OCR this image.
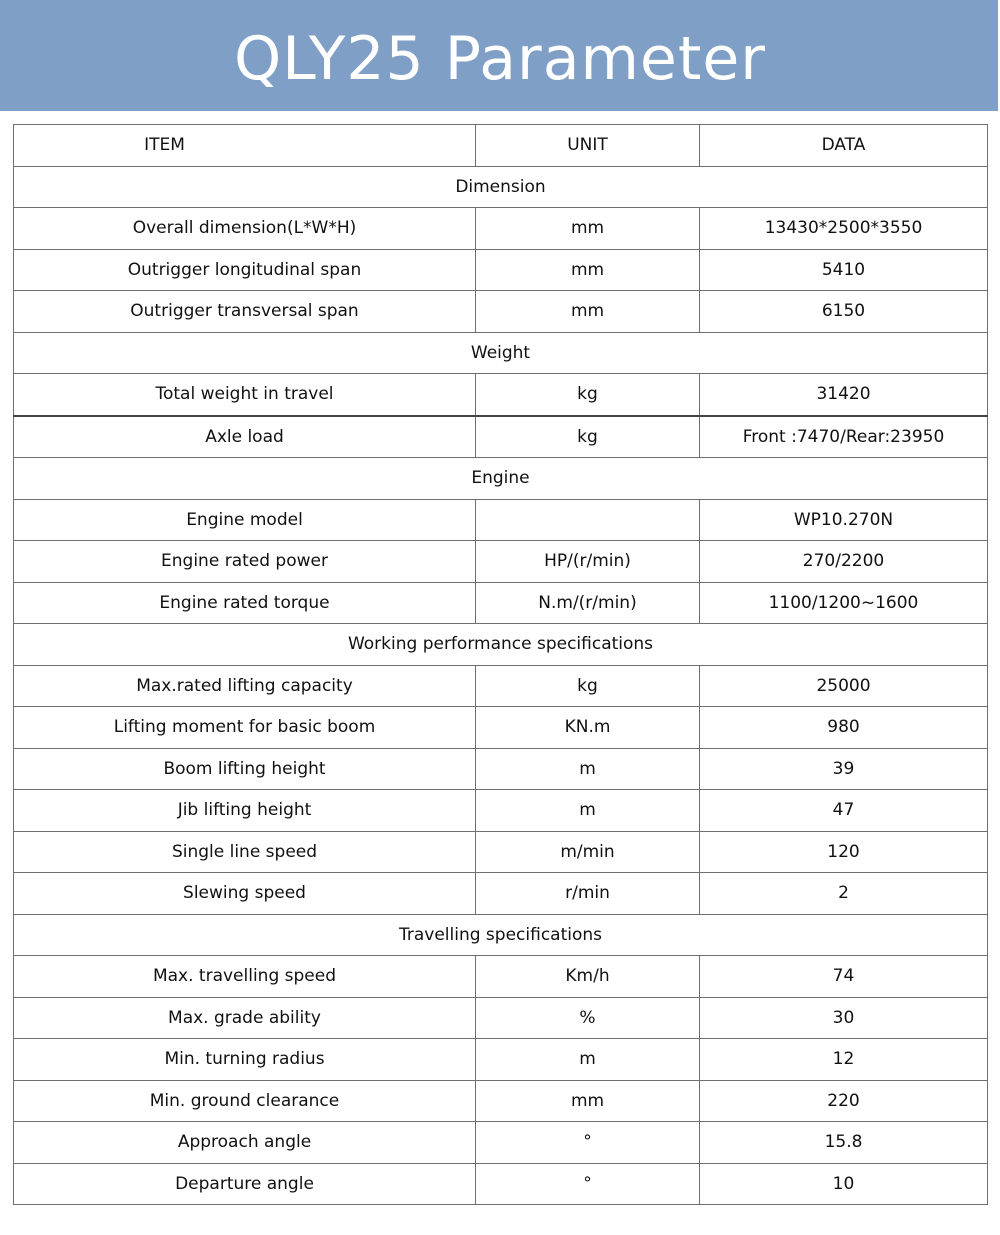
QLY25 Parameter
ITEM	UNIT	DATA

Dimension		

Overall dimension(L*W*H)	mm	13430*2500*3550

Outrigger longitudinal span	mm	5410

Outrigger transversal span	mm	6150

Weight		

Total weight in travel	kg	31420

Axle load	kg	Front :7470/Rear:23950

Engine		

Engine model		WP10.270N

Engine rated power	HP/(r/min)	270/2200

Engine rated torque	N.m/(r/min)	1100/1200~1600

Working performance specifications		

Max.rated lifting capacity	kg	25000

Lifting moment for basic boom	KN.m	980

Boom lifting height	m	39

Jib lifting height	m	47

Single line speed	m/min	120

Slewing speed	r/min	2

Travelling specifications		

Max. travelling speed	Km/h	74

Max. grade ability	%	30

Min. turning radius	m	12

Min. ground clearance	mm	220

Approach angle	°	15.8

Departure angle	°	10
